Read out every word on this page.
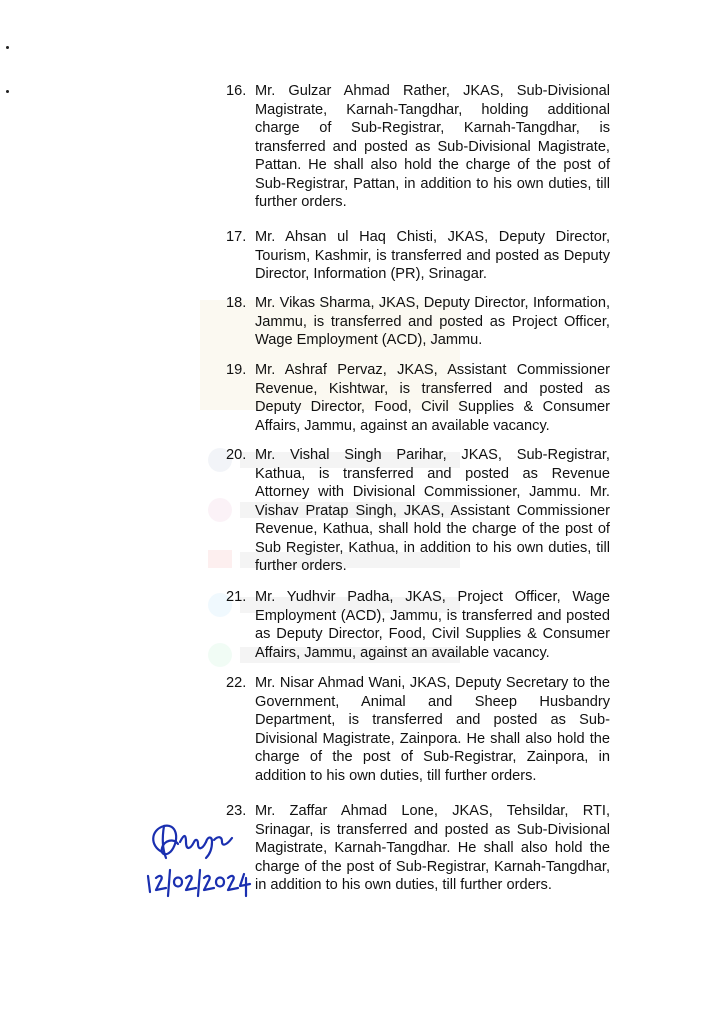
16. Mr. Gulzar Ahmad Rather, JKAS, Sub-Divisional Magistrate, Karnah-Tangdhar, holding additional charge of Sub-Registrar, Karnah-Tangdhar, is transferred and posted as Sub-Divisional Magistrate, Pattan. He shall also hold the charge of the post of Sub-Registrar, Pattan, in addition to his own duties, till further orders.
17. Mr. Ahsan ul Haq Chisti, JKAS, Deputy Director, Tourism, Kashmir, is transferred and posted as Deputy Director, Information (PR), Srinagar.
18. Mr. Vikas Sharma, JKAS, Deputy Director, Information, Jammu, is transferred and posted as Project Officer, Wage Employment (ACD), Jammu.
19. Mr. Ashraf Pervaz, JKAS, Assistant Commissioner Revenue, Kishtwar, is transferred and posted as Deputy Director, Food, Civil Supplies & Consumer Affairs, Jammu, against an available vacancy.
20. Mr. Vishal Singh Parihar, JKAS, Sub-Registrar, Kathua, is transferred and posted as Revenue Attorney with Divisional Commissioner, Jammu. Mr. Vishav Pratap Singh, JKAS, Assistant Commissioner Revenue, Kathua, shall hold the charge of the post of Sub Register, Kathua, in addition to his own duties, till further orders.
21. Mr. Yudhvir Padha, JKAS, Project Officer, Wage Employment (ACD), Jammu, is transferred and posted as Deputy Director, Food, Civil Supplies & Consumer Affairs, Jammu, against an available vacancy.
22. Mr. Nisar Ahmad Wani, JKAS, Deputy Secretary to the Government, Animal and Sheep Husbandry Department, is transferred and posted as Sub-Divisional Magistrate, Zainpora. He shall also hold the charge of the post of Sub-Registrar, Zainpora, in addition to his own duties, till further orders.
23. Mr. Zaffar Ahmad Lone, JKAS, Tehsildar, RTI, Srinagar, is transferred and posted as Sub-Divisional Magistrate, Karnah-Tangdhar. He shall also hold the charge of the post of Sub-Registrar, Karnah-Tangdhar, in addition to his own duties, till further orders.
